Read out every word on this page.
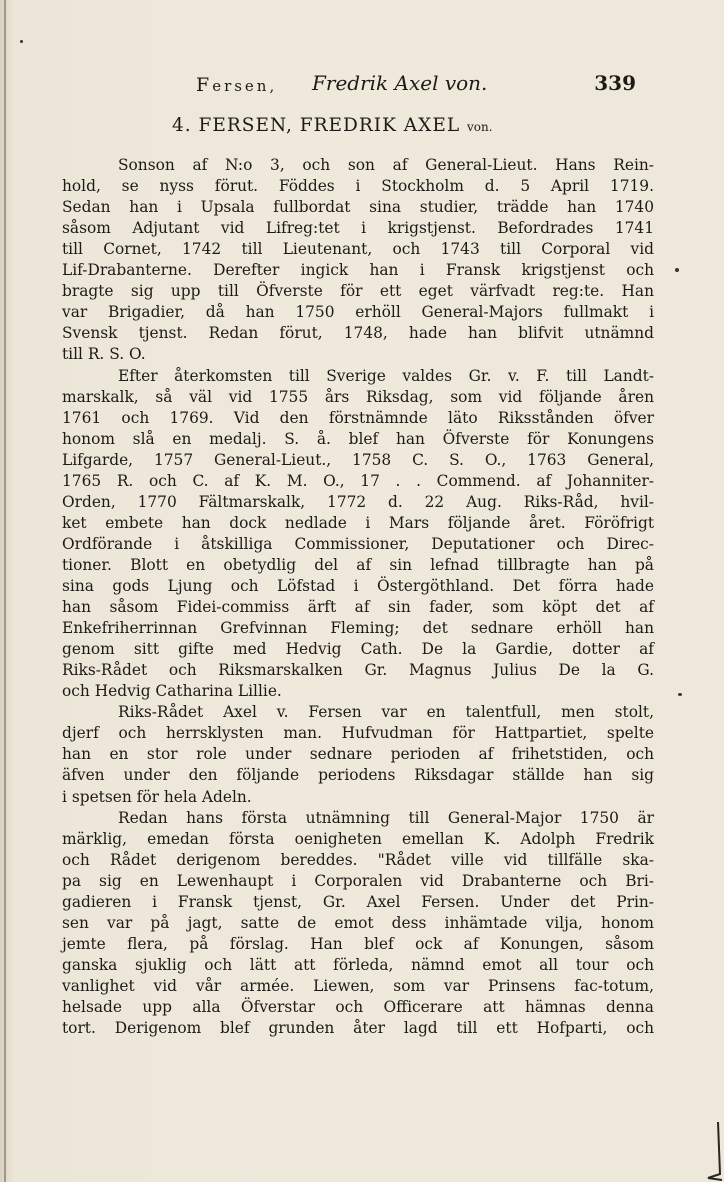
Fersen, Fredrik Axel von.	339
4. FERSEN, FREDRIK AXEL von.
Sonson af N:o 3, och son af General-Lieut. Hans Rein-
hold, se nyss förut. Föddes i Stockholm d. 5 April 1719.
Sedan han i Upsala fullbordat sina studier, trädde han 1740
såsom Adjutant vid Lifreg:tet i krigstjenst. Befordrades 1741
till Cornet, 1742 till Lieutenant, och 1743 till Corporal vid
Lif-Drabanterne. Derefter ingick han i Fransk krigstjenst och
bragte sig upp till Öfverste för ett eget värfvadt reg:te. Han
var Brigadier, då han 1750 erhöll General-Majors fullmakt i
Svensk tjenst. Redan förut, 1748, hade han blifvit utnämnd
till R. S. O.
Efter återkomsten till Sverige valdes Gr. v. F. till Landt-
marskalk, så väl vid 1755 års Riksdag, som vid följande åren
1761 och 1769. Vid den förstnämnde läto Riksstånden öfver
honom slå en medalj. S. å. blef han Öfverste för Konungens
Lifgarde, 1757 General-Lieut., 1758 C. S. O., 1763 General,
1765 R. och C. af K. M. O., 17 . . Commend. af Johanniter-
Orden, 1770 Fältmarskalk, 1772 d. 22 Aug. Riks-Råd, hvil-
ket embete han dock nedlade i Mars följande året. Föröfrigt
Ordförande i åtskilliga Commissioner, Deputationer och Direc-
tioner. Blott en obetydlig del af sin lefnad tillbragte han på
sina gods Ljung och Löfstad i Östergöthland. Det förra hade
han såsom Fidei-commiss ärft af sin fader, som köpt det af
Enkefriherrinnan Grefvinnan Fleming; det sednare erhöll han
genom sitt gifte med Hedvig Cath. De la Gardie, dotter af
Riks-Rådet och Riksmarskalken Gr. Magnus Julius De la G.
och Hedvig Catharina Lillie.
Riks-Rådet Axel v. Fersen var en talentfull, men stolt,
djerf och herrsklysten man. Hufvudman för Hattpartiet, spelte
han en stor role under sednare perioden af frihetstiden, och
äfven under den följande periodens Riksdagar ställde han sig
i spetsen för hela Adeln.
Redan hans första utnämning till General-Major 1750 är
märklig, emedan första oenigheten emellan K. Adolph Fredrik
och Rådet derigenom bereddes. "Rådet ville vid tillfälle ska-
pa sig en Lewenhaupt i Corporalen vid Drabanterne och Bri-
gadieren i Fransk tjenst, Gr. Axel Fersen. Under det Prin-
sen var på jagt, satte de emot dess inhämtade vilja, honom
jemte flera, på förslag. Han blef ock af Konungen, såsom
ganska sjuklig och lätt att förleda, nämnd emot all tour och
vanlighet vid vår armée. Liewen, som var Prinsens fac-totum,
helsade upp alla Öfverstar och Officerare att hämnas denna
tort. Derigenom blef grunden åter lagd till ett Hofparti, och
